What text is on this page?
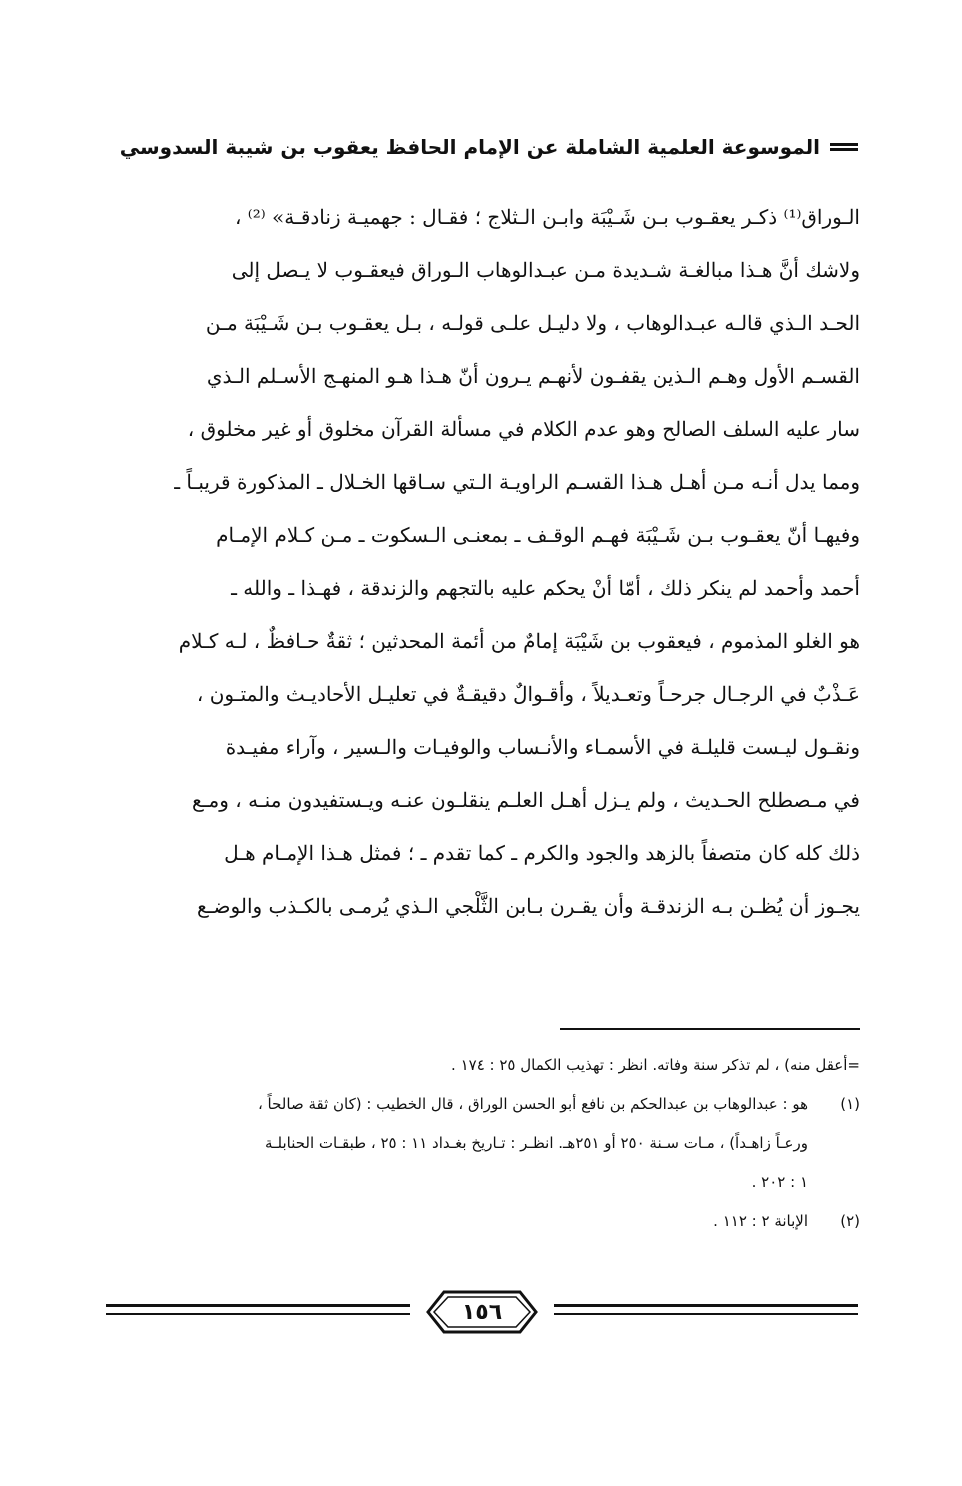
الموسوعة العلمية الشاملة عن الإمام الحافظ يعقوب بن شيبة السدوسي
الـوراق⁽¹⁾ ذكـر يعقـوب بـن شَـيْبَة وابـن الـثلاج ؛ فقـال : جهميـة زنادقـة» ⁽²⁾ ،
ولاشك أنَّ هـذا مبالغـة شـديدة مـن عبـدالوهاب الـوراق فيعقـوب لا يـصل إلى
الحـد الـذي قالـه عبـدالوهاب ، ولا دليـل علـى قولـه ، بـل يعقـوب بـن شَـيْبَة مـن
القسـم الأول وهـم الـذين يقفـون لأنهـم يـرون أنّ هـذا هـو المنهـج الأسـلم الـذي
سار عليه السلف الصالح وهو عدم الكلام في مسألة القرآن مخلوق أو غير مخلوق ،
ومما يدل أنـه مـن أهـل هـذا القسـم الراويـة الـتي سـاقها الخـلال ـ المذكورة قريبـاً ـ
وفيهـا أنّ يعقـوب بـن شَـيْبَة فهـم الوقـف ـ بمعنـى الـسكوت ـ مـن كـلام الإمـام
أحمد وأحمد لم ينكر ذلك ، أمّا أنْ يحكم عليه بالتجهم والزندقة ، فهـذا ـ والله ـ
هو الغلو المذموم ، فيعقوب بن شَيْبَة إمامٌ من أئمة المحدثين ؛ ثقةٌ حـافظٌ ، لـه كـلام
عَـذْبٌ في الرجـال جرحـاً وتعـديلاً ، وأقـوالٌ دقيقـةٌ في تعليـل الأحاديـث والمتـون ،
ونقـول ليـست قليلـة في الأسمـاء والأنـساب والوفيـات والـسير ، وآراء مفيـدة
في مـصطلح الحـديث ، ولم يـزل أهـل العلـم ينقلـون عنـه ويـستفيدون منـه ، ومـع
ذلك كله كان متصفاً بالزهد والجود والكرم ـ كما تقدم ـ ؛ فمثل هـذا الإمـام هـل
يجـوز أن يُظـن بـه الزندقـة وأن يقـرن بـابن الثَّلْجي الـذي يُرمـى بالكـذب والوضـع
=أعقل منه) ، لم تذكر سنة وفاته. انظر : تهذيب الكمال ٢٥ : ١٧٤ .
(١)
هو : عبدالوهاب بن عبدالحكم بن نافع أبو الحسن الوراق ، قال الخطيب : (كان ثقة صالحاً ،
ورعـاً زاهـداً) ، مـات سـنة ٢٥٠ أو ٢٥١هـ. انظـر : تـاريخ بغـداد ١١ : ٢٥ ، طبقـات الحنابلـة
١ : ٢٠٢ .
(٢)
الإبانة ٢ : ١١٢ .
١٥٦
